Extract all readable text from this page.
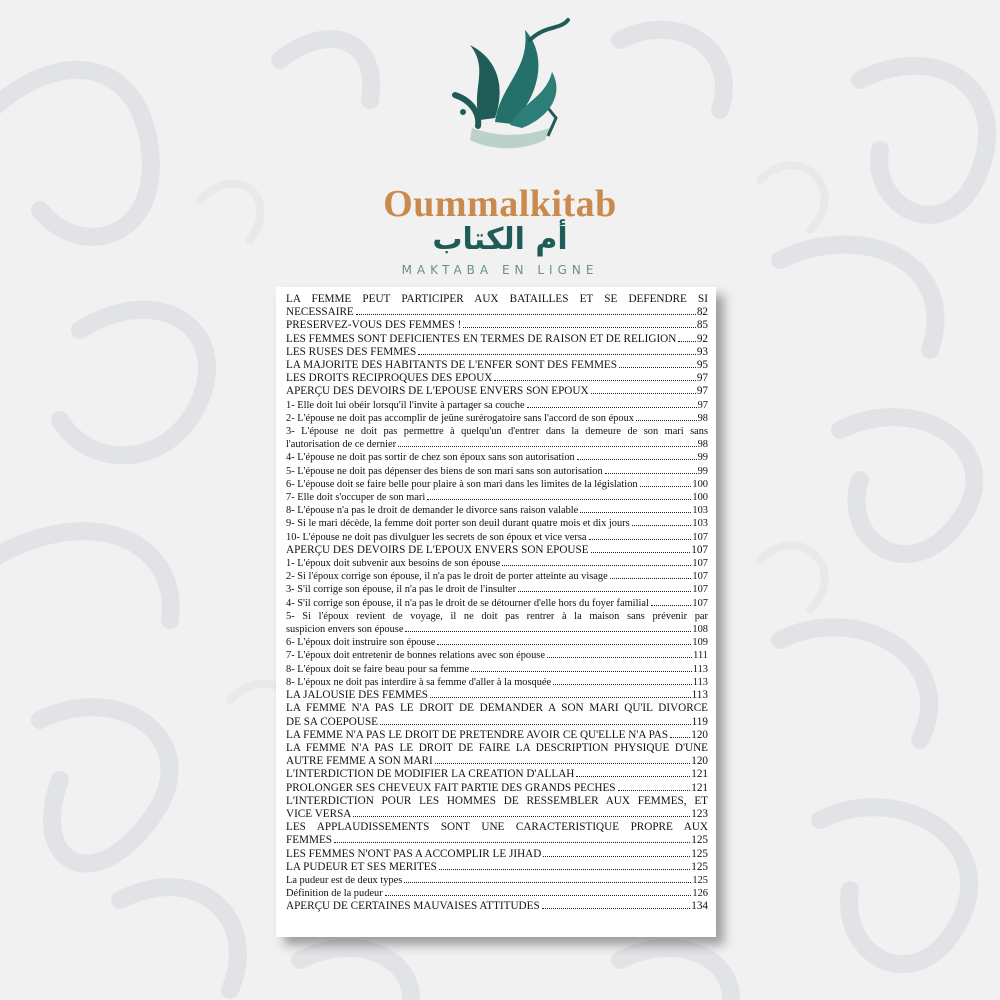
Oummalkitab
أم الكتاب
MAKTABA EN LIGNE
LA FEMME PEUT PARTICIPER AUX BATAILLES ET SE DEFENDRE SI
NECESSAIRE	82
PRESERVEZ-VOUS DES FEMMES !	85
LES FEMMES SONT DEFICIENTES EN TERMES DE RAISON ET DE RELIGION 92
LES RUSES DES FEMMES	93
LA MAJORITE DES HABITANTS DE L'ENFER SONT DES FEMMES	95
LES DROITS RECIPROQUES DES EPOUX	97
APERÇU DES DEVOIRS DE L'EPOUSE ENVERS SON EPOUX	97
1- Elle doit lui obéir lorsqu'il l'invite à partager sa couche	97
2- L'épouse ne doit pas accomplir de jeûne surérogatoire sans l'accord de son époux	98
3- L'épouse ne doit pas permettre à quelqu'un d'entrer dans la demeure de son mari sans
l'autorisation de ce dernier	98
4- L'épouse ne doit pas sortir de chez son époux sans son autorisation	99
5- L'épouse ne doit pas dépenser des biens de son mari sans son autorisation	99
6- L'épouse doit se faire belle pour plaire à son mari dans les limites de la législation	100
7- Elle doit s'occuper de son mari	100
8- L'épouse n'a pas le droit de demander le divorce sans raison valable	103
9- Si le mari décède, la femme doit porter son deuil durant quatre mois et dix jours	103
10- L'épouse ne doit pas divulguer les secrets de son époux et vice versa	107
APERÇU DES DEVOIRS DE L'EPOUX ENVERS SON EPOUSE	107
1- L'époux doit subvenir aux besoins de son épouse	107
2- Si l'époux corrige son épouse, il n'a pas le droit de porter atteinte au visage	107
3- S'il corrige son épouse, il n'a pas le droit de l'insulter	107
4- S'il corrige son épouse, il n'a pas le droit de se détourner d'elle hors du foyer familial	107
5- Si l'époux revient de voyage, il ne doit pas rentrer à la maison sans prévenir par
suspicion envers son épouse	108
6- L'époux doit instruire son épouse	109
7- L'époux doit entretenir de bonnes relations avec son épouse	111
8- L'époux doit se faire beau pour sa femme	113
8- L'époux ne doit pas interdire à sa femme d'aller à la mosquée	113
LA JALOUSIE DES FEMMES	113
LA FEMME N'A PAS LE DROIT DE DEMANDER A SON MARI QU'IL DIVORCE
DE SA COEPOUSE	119
LA FEMME N'A PAS LE DROIT DE PRETENDRE AVOIR CE QU'ELLE N'A PAS 120
LA FEMME N'A PAS LE DROIT DE FAIRE LA DESCRIPTION PHYSIQUE D'UNE
AUTRE FEMME A SON MARI	120
L'INTERDICTION DE MODIFIER LA CREATION D'ALLAH	121
PROLONGER SES CHEVEUX FAIT PARTIE DES GRANDS PECHES	121
L'INTERDICTION POUR LES HOMMES DE RESSEMBLER AUX FEMMES, ET
VICE VERSA	123
LES APPLAUDISSEMENTS SONT UNE CARACTERISTIQUE PROPRE AUX
FEMMES	125
LES FEMMES N'ONT PAS A ACCOMPLIR LE JIHAD	125
LA PUDEUR ET SES MERITES	125
La pudeur est de deux types	125
Définition de la pudeur	126
APERÇU DE CERTAINES MAUVAISES ATTITUDES	134
